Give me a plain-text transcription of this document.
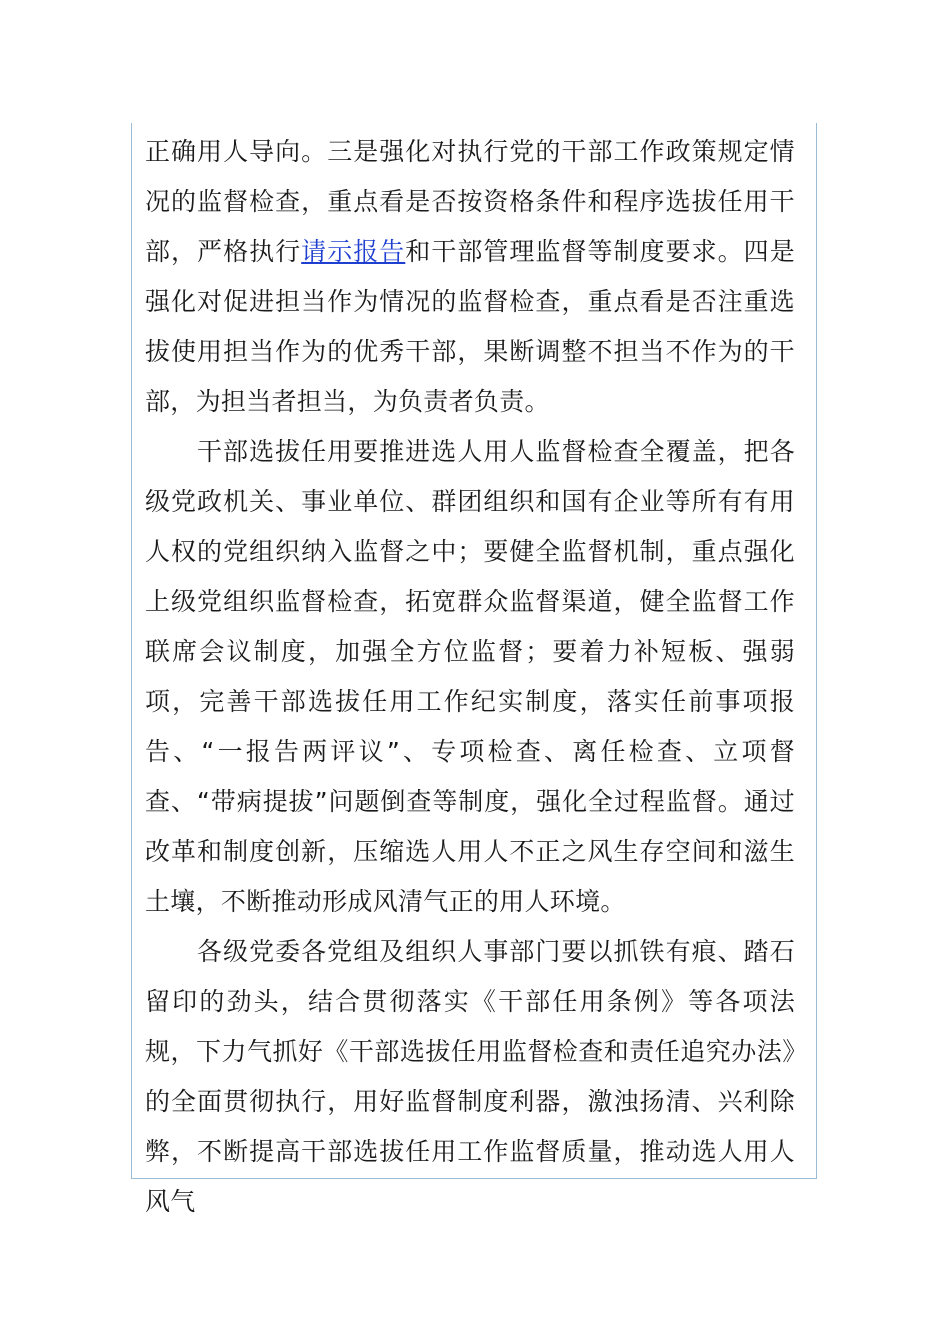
正确用人导向。三是强化对执行党的干部工作政策规定情况的监督检查，重点看是否按资格条件和程序选拔任用干部，严格执行请示报告和干部管理监督等制度要求。四是强化对促进担当作为情况的监督检查，重点看是否注重选拔使用担当作为的优秀干部，果断调整不担当不作为的干部，为担当者担当，为负责者负责。

干部选拔任用要推进选人用人监督检查全覆盖，把各级党政机关、事业单位、群团组织和国有企业等所有有用人权的党组织纳入监督之中；要健全监督机制，重点强化上级党组织监督检查，拓宽群众监督渠道，健全监督工作联席会议制度，加强全方位监督；要着力补短板、强弱项，完善干部选拔任用工作纪实制度，落实任前事项报告、“一报告两评议”、专项检查、离任检查、立项督查、“带病提拔”问题倒查等制度，强化全过程监督。通过改革和制度创新，压缩选人用人不正之风生存空间和滋生土壤，不断推动形成风清气正的用人环境。

各级党委各党组及组织人事部门要以抓铁有痕、踏石留印的劲头，结合贯彻落实《干部任用条例》等各项法规，下力气抓好《干部选拔任用监督检查和责任追究办法》的全面贯彻执行，用好监督制度利器，激浊扬清、兴利除弊，不断提高干部选拔任用工作监督质量，推动选人用人风气
